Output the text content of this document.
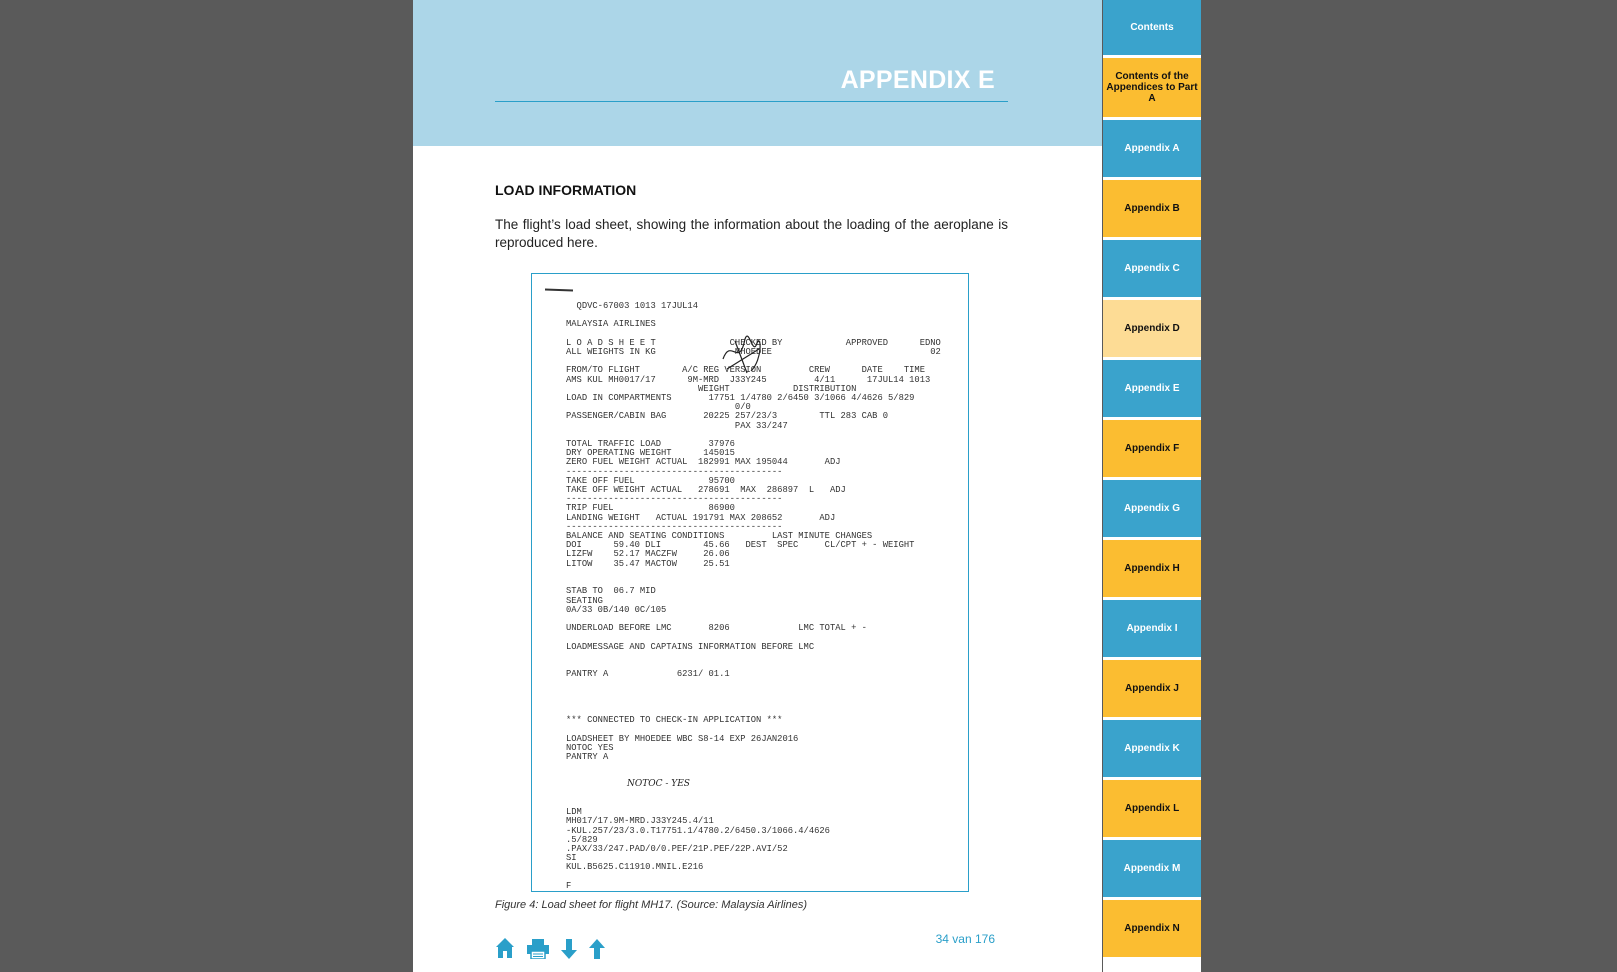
APPENDIX E
LOAD INFORMATION
The flight’s load sheet, showing the information about the loading of the aeroplane is reproduced here.
QDVC-67003 1013 17JUL14

MALAYSIA AIRLINES

L O A D S H E E T              CHECKED BY            APPROVED      EDNO
ALL WEIGHTS IN KG               MHOEDEE                              02

FROM/TO FLIGHT        A/C REG VERSION         CREW      DATE    TIME
AMS KUL MH0017/17      9M-MRD  J33Y245         4/11      17JUL14 1013
WEIGHT            DISTRIBUTION
LOAD IN COMPARTMENTS       17751 1/4780 2/6450 3/1066 4/4626 5/829
0/0
PASSENGER/CABIN BAG       20225 257/23/3        TTL 283 CAB 0
PAX 33/247

TOTAL TRAFFIC LOAD         37976
DRY OPERATING WEIGHT      145015
ZERO FUEL WEIGHT ACTUAL  182991 MAX 195044       ADJ
-----------------------------------------
TAKE OFF FUEL              95700
TAKE OFF WEIGHT ACTUAL   278691  MAX  286897  L   ADJ
-----------------------------------------
TRIP FUEL                  86900
LANDING WEIGHT   ACTUAL 191791 MAX 208652       ADJ
-----------------------------------------
BALANCE AND SEATING CONDITIONS         LAST MINUTE CHANGES
DOI      59.40 DLI        45.66   DEST  SPEC     CL/CPT + - WEIGHT
LIZFW    52.17 MACZFW     26.06
LITOW    35.47 MACTOW     25.51

STAB TO  06.7 MID
SEATING
0A/33 0B/140 0C/105

UNDERLOAD BEFORE LMC       8206             LMC TOTAL + -

LOADMESSAGE AND CAPTAINS INFORMATION BEFORE LMC

PANTRY A             6231/ 01.1

*** CONNECTED TO CHECK-IN APPLICATION ***

LOADSHEET BY MHOEDEE WBC S8-14 EXP 26JAN2016
NOTOC YES
PANTRY A

LDM
MH017/17.9M-MRD.J33Y245.4/11
-KUL.257/23/3.0.T17751.1/4780.2/6450.3/1066.4/4626
.5/829
.PAX/33/247.PAD/0/0.PEF/21P.PEF/22P.AVI/52
SI
KUL.B5625.C11910.MNIL.E216

F
NOTOC - YES
Figure 4: Load sheet for flight MH17. (Source: Malaysia Airlines)
34 van 176
Contents
Contents of the Appendices to Part A
Appendix A
Appendix B
Appendix C
Appendix D
Appendix E
Appendix F
Appendix G
Appendix H
Appendix I
Appendix J
Appendix K
Appendix L
Appendix M
Appendix N
